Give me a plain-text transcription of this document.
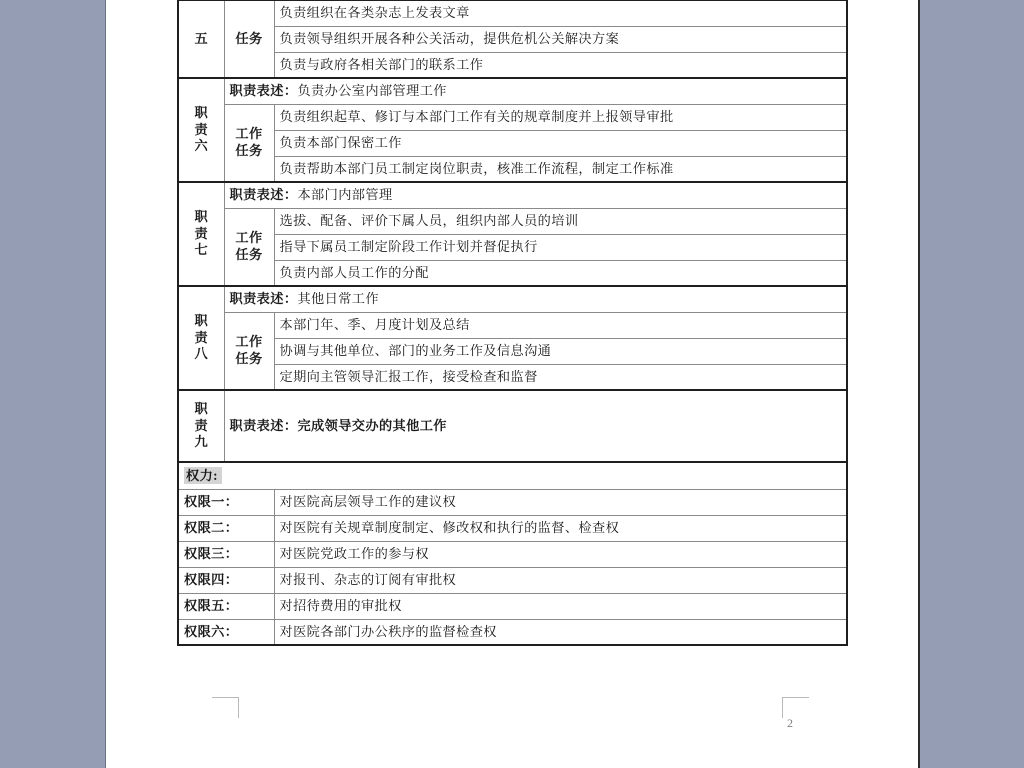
五	任务	负责组织在各类杂志上发表文章
		负责领导组织开展各种公关活动，提供危机公关解决方案
		负责与政府各相关部门的联系工作

职
责
六	职责表述：负责办公室内部管理工作	

	工作
任务	负责组织起草、修订与本部门工作有关的规章制度并上报领导审批
		负责本部门保密工作
		负责帮助本部门员工制定岗位职责，核准工作流程，制定工作标准

职
责
七	职责表述：本部门内部管理	

	工作
任务	选拔、配备、评价下属人员，组织内部人员的培训
		指导下属员工制定阶段工作计划并督促执行
		负责内部人员工作的分配

职
责
八	职责表述：其他日常工作	

	工作
任务	本部门年、季、月度计划及总结
		协调与其他单位、部门的业务工作及信息沟通
		定期向主管领导汇报工作，接受检查和监督

职
责
九	职责表述：完成领导交办的其他工作	
权力:		
权限一：		对医院高层领导工作的建议权
权限二：		对医院有关规章制度制定、修改权和执行的监督、检查权
权限三：		对医院党政工作的参与权
权限四：		对报刊、杂志的订阅有审批权
权限五：		对招待费用的审批权
权限六：		对医院各部门办公秩序的监督检查权
2
